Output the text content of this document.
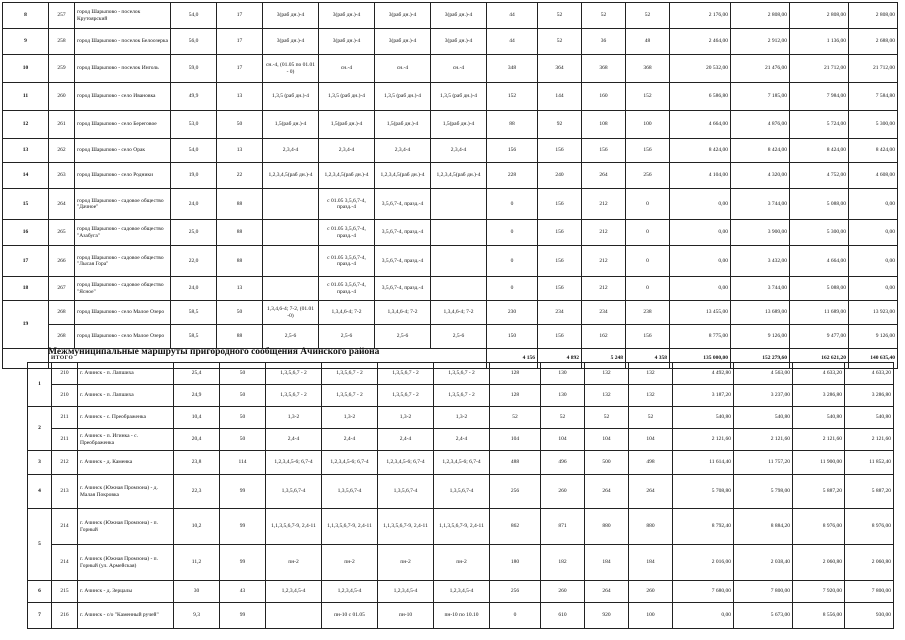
8	257	город Шарыпово - поселок Крутоярский	54,0	17	3(раб дн.)-4	3(раб дн.)-4	3(раб дн.)-4	3(раб дн.)-4	44	52	52	52	2 176,00	2 808,00	2 808,00	2 808,00
9	258	город Шарыпово - поселок Белоозерка	56,0	17	3(раб дн.)-4	3(раб дн.)-4	3(раб дн.)-4	3(раб дн.)-4	44	52	36	48	2 464,00	2 912,00	1 136,00	2 688,00
10	259	город Шарыпово - поселок Инголь	59,0	17	сн.-4, (01.05 по 01.01 - 0)	сн.-4	сн.-4	сн.-4	348	364	368	368	20 532,00	21 476,00	21 712,00	21 712,00
11	260	город Шарыпово - село Ивановка	49,9	13	1,3,5 (раб дн.)-4	1,3,5 (раб дн.)-4	1,3,5 (раб дн.)-4	1,3,5 (раб дн.)-4	152	144	160	152	6 586,80	7 185,00	7 984,00	7 584,80
12	261	город Шарыпово - село Береговое	53,0	50	1,5(раб дн.)-4	1,5(раб дн.)-4	1,5(раб дн.)-4	1,5(раб дн.)-4	88	92	108	100	4 664,00	4 876,00	5 724,00	5 300,00
13	262	город Шарыпово - село Орак	54,0	13	2,3,4-4	2,3,4-4	2,3,4-4	2,3,4-4	156	156	156	156	8 424,00	8 424,00	8 424,00	8 424,00
14	263	город Шарыпово - село Родники	19,0	22	1,2,3,4,5(раб дн.)-4	1,2,3,4,5(раб дн.)-4	1,2,3,4,5(раб дн.)-4	1,2,3,4,5(раб дн.)-4	228	240	264	256	4 104,00	4 320,00	4 752,00	4 608,00
15	264	город Шарыпово - садовое общество "Дачное"	24,0	88		с 01.05 3,5,6,7-4, празд.-4	3,5,6,7-4, празд.-4		0	156	212	0	0,00	3 744,00	5 088,00	0,00
16	265	город Шарыпово - садовое общество "Азабуга"	25,0	88		с 01.05 3,5,6,7-4, празд.-4	3,5,6,7-4, празд.-4		0	156	212	0	0,00	3 900,00	5 300,00	0,00
17	266	город Шарыпово - садовое общество "Лысая Гора"	22,0	88		с 01.05 3,5,6,7-4, празд.-4	3,5,6,7-4, празд.-4		0	156	212	0	0,00	3 432,00	4 664,00	0,00
18	267	город Шарыпово - садовое общество "Ясное"	24,0	13		с 01.05 3,5,6,7-4, празд.-4	3,5,6,7-4, празд.-4		0	156	212	0	0,00	3 744,00	5 088,00	0,00
19	268	город Шарыпово - село Малое Озеро	58,5	50	1,3,4,6-4; 7-2, (01.01 -0)	1,3,4,6-4; 7-2	1,3,4,6-4; 7-2	1,3,4,6-4; 7-2	230	234	234	238	13 455,00	13 689,00	11 689,00	13 923,00
	268	город Шарыпово - село Малое Озеро	58,5	88	2,5-6	2,5-6	2,5-6	2,5-6	150	156	162	156	8 775,00	9 126,00	9 477,00	9 126,00
	ИТОГО								4 156	4 892	5 248	4 358	135 000,00	152 279,60	162 621,20	140 635,40
Межмуниципальные маршруты пригородного сообщения Ачинского района
1	210	г. Ачинск - п. Лапшиха	25,4	50	1,3,5,6,7 - 2	1,3,5,6,7 - 2	1,3,5,6,7 - 2	1,3,5,6,7 - 2	128	130	132	132	4 492,80	4 563,00	4 633,20	4 633,20
	210	г. Ачинск - п. Лапшиха	24,9	50	1,3,5,6,7 - 2	1,3,5,6,7 - 2	1,3,5,6,7 - 2	1,3,5,6,7 - 2	128	130	132	132	3 187,20	3 237,00	3 286,80	3 286,80
2	211	г. Ачинск - с. Преображенка	10,4	50	1,3-2	1,3-2	1,3-2	1,3-2	52	52	52	52	540,80	540,80	540,80	540,80
	211	г. Ачинск - п. Игинка - с. Преображенка	20,4	50	2,4-4	2,4-4	2,4-4	2,4-4	104	104	104	104	2 121,60	2 121,60	2 121,60	2 121,60
3	212	г. Ачинск - д. Каменка	23,8	114	1,2,3,4,5-6; 6,7-4	1,2,3,4,5-6; 6,7-4	1,2,3,4,5-6; 6,7-4	1,2,3,4,5-6; 6,7-4	488	496	500	498	11 614,40	11 757,20	11 900,00	11 852,40
4	213	г. Ачинск (Южная Промзона) - д. Малая Покровка	22,3	99	1,3,5,6,7-4	1,3,5,6,7-4	1,3,5,6,7-4	1,3,5,6,7-4	256	260	264	264	5 708,80	5 798,00	5 887,20	5 887,20
5	214	г. Ачинск (Южная Промзона) - п. Горный	10,2	99	1,1,3,5,6,7-9, 2,4-11	1,1,3,5,6,7-9, 2,4-11	1,1,3,5,6,7-9, 2,4-11	1,1,3,5,6,7-9, 2,4-11	862	871	880	880	8 792,40	8 884,20	8 976,00	8 976,00
	214	г. Ачинск (Южная Промзона) - п. Горный (ул. Армейская)	11,2	99	пн-2	пн-2	пн-2	пн-2	180	182	184	184	2 016,00	2 038,40	2 060,80	2 060,80
6	215	г. Ачинск - д. Зерцалы	30	43	1,2,3,4,5-4	1,2,3,4,5-4	1,2,3,4,5-4	1,2,3,4,5-4	256	260	264	260	7 680,00	7 800,00	7 920,00	7 800,00
7	216	г. Ачинск - с/о "Каменный ручей"	9,3	99		пн-10 с 01.05	пн-10	пн-10 по 10.10	0	610	920	100	0,00	5 673,00	8 556,00	930,00
